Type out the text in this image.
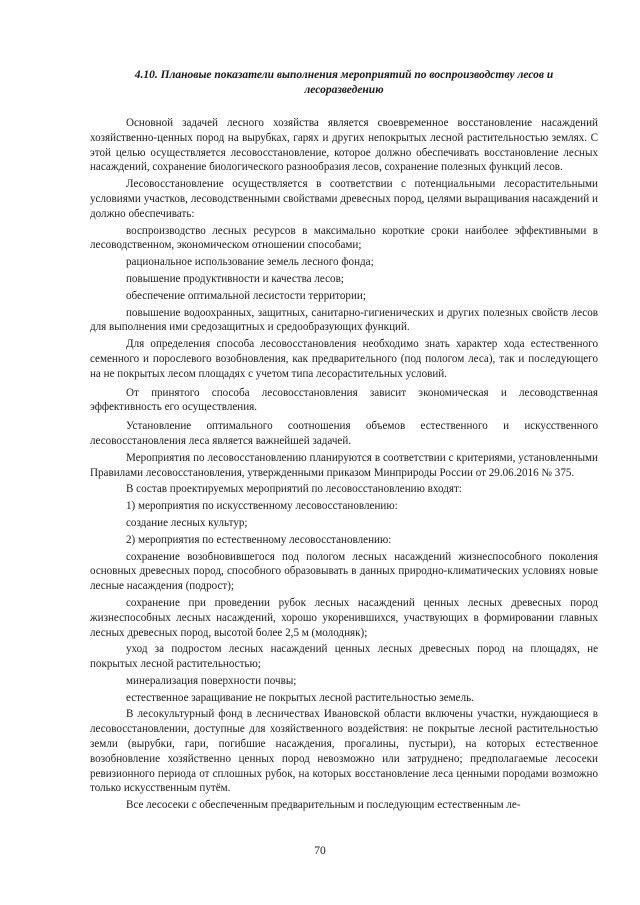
4.10. Плановые показатели выполнения мероприятий по воспроизводству лесов и лесоразведению

Основной задачей лесного хозяйства является своевременное восстановление насаждений хозяйственно-ценных пород на вырубках, гарях и других непокрытых лесной растительностью землях. С этой целью осуществляется лесовосстановление, которое должно обеспечивать восстановление лесных насаждений, сохранение биологического разнообразия лесов, сохранение полезных функций лесов.

Лесовосстановление осуществляется в соответствии с потенциальными лесорастительными условиями участков, лесоводственными свойствами древесных пород, целями выращивания насаждений и должно обеспечивать:

воспроизводство лесных ресурсов в максимально короткие сроки наиболее эффективными в лесоводственном, экономическом отношении способами;

рациональное использование земель лесного фонда;

повышение продуктивности и качества лесов;

обеспечение оптимальной лесистости территории;

повышение водоохранных, защитных, санитарно-гигиенических и других полезных свойств лесов для выполнения ими средозащитных и средообразующих функций.

Для определения способа лесовосстановления необходимо знать характер хода естественного семенного и порослевого возобновления, как предварительного (под пологом леса), так и последующего на не покрытых лесом площадях с учетом типа лесорастительных условий.

От принятого способа лесовосстановления зависит экономическая и лесоводственная эффективность его осуществления.

Установление оптимального соотношения объемов естественного и искусственного лесовосстановления леса является важнейшей задачей.

Мероприятия по лесовосстановлению планируются в соответствии с критериями, установленными Правилами лесовосстановления, утвержденными приказом Минприроды России от 29.06.2016 № 375.

В состав проектируемых мероприятий по лесовосстановлению входят:

1) мероприятия по искусственному лесовосстановлению:

создание лесных культур;

2) мероприятия по естественному лесовосстановлению:

сохранение возобновившегося под пологом лесных насаждений жизнеспособного поколения основных древесных пород, способного образовывать в данных природно-климатических условиях новые лесные насаждения (подрост);

сохранение при проведении рубок лесных насаждений ценных лесных древесных пород жизнеспособных лесных насаждений, хорошо укоренившихся, участвующих в формировании главных лесных древесных пород, высотой более 2,5 м (молодняк);

уход за подростом лесных насаждений ценных лесных древесных пород на площадях, не покрытых лесной растительностью;

минерализация поверхности почвы;

естественное заращивание не покрытых лесной растительностью земель.

В лесокультурный фонд в лесничествах Ивановской области включены участки, нуждающиеся в лесовосстановлении, доступные для хозяйственного воздействия: не покрытые лесной растительностью земли (вырубки, гари, погибшие насаждения, прогалины, пустыри), на которых естественное возобновление хозяйственно ценных пород невозможно или затруднено; предполагаемые лесосеки ревизионного периода от сплошных рубок, на которых восстановление леса ценными породами возможно только искусственным путём.

Все лесосеки с обеспеченным предварительным и последующим естественным ле-

70
